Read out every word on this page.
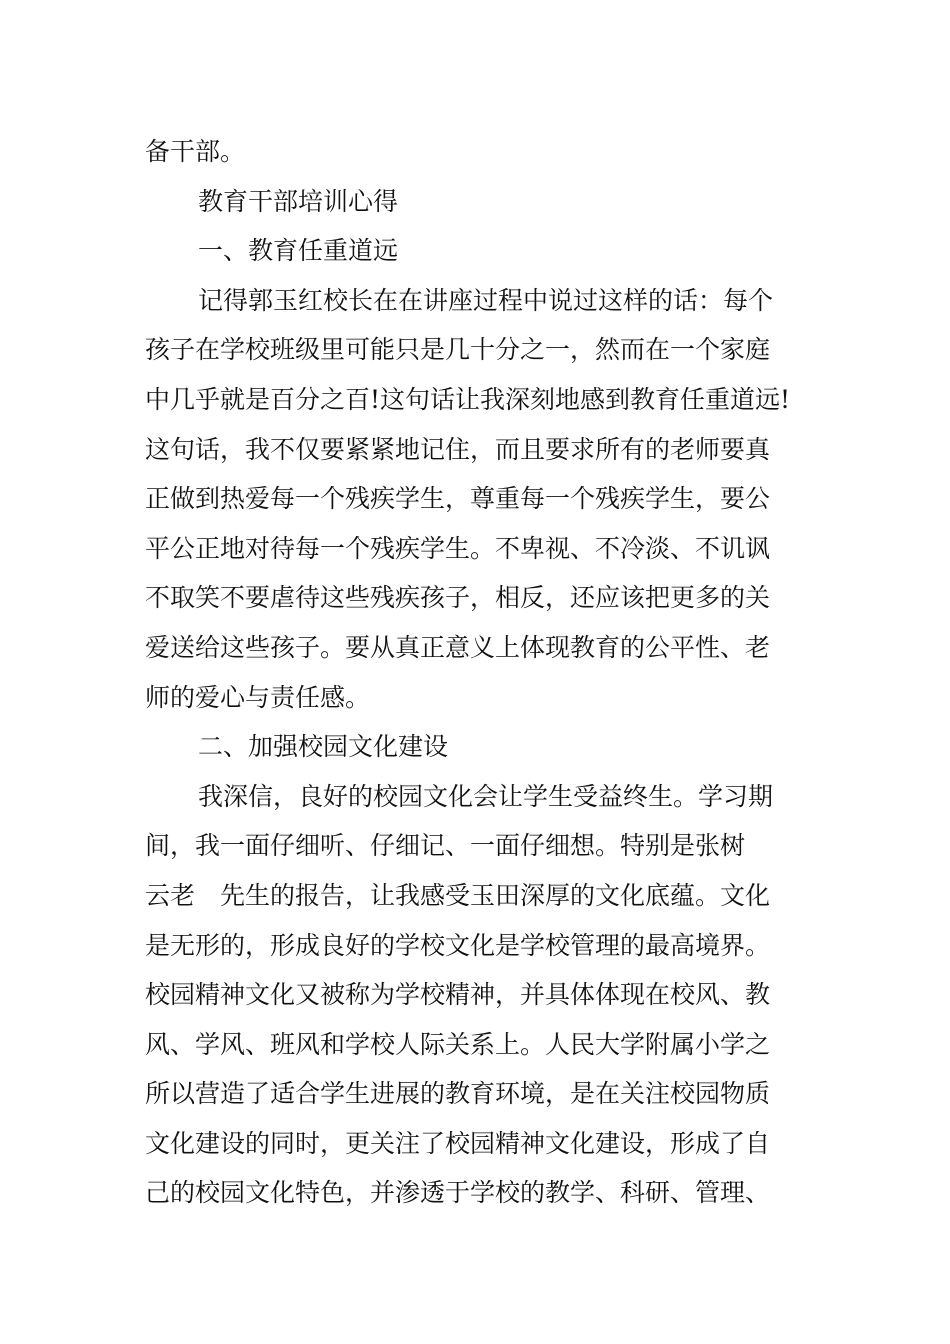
备干部。
教育干部培训心得
一、教育任重道远
记得郭玉红校长在在讲座过程中说过这样的话：每个
孩子在学校班级里可能只是几十分之一，然而在一个家庭
中几乎就是百分之百!这句话让我深刻地感到教育任重道远!
这句话，我不仅要紧紧地记住，而且要求所有的老师要真
正做到热爱每一个残疾学生，尊重每一个残疾学生，要公
平公正地对待每一个残疾学生。不卑视、不冷淡、不讥讽
不取笑不要虐待这些残疾孩子，相反，还应该把更多的关
爱送给这些孩子。要从真正意义上体现教育的公平性、老
师的爱心与责任感。
二、加强校园文化建设
我深信，良好的校园文化会让学生受益终生。学习期
间，我一面仔细听、仔细记、一面仔细想。特别是张树
云老　先生的报告，让我感受玉田深厚的文化底蕴。文化
是无形的，形成良好的学校文化是学校管理的最高境界。
校园精神文化又被称为学校精神，并具体体现在校风、教
风、学风、班风和学校人际关系上。人民大学附属小学之
所以营造了适合学生进展的教育环境，是在关注校园物质
文化建设的同时，更关注了校园精神文化建设，形成了自
己的校园文化特色，并渗透于学校的教学、科研、管理、
